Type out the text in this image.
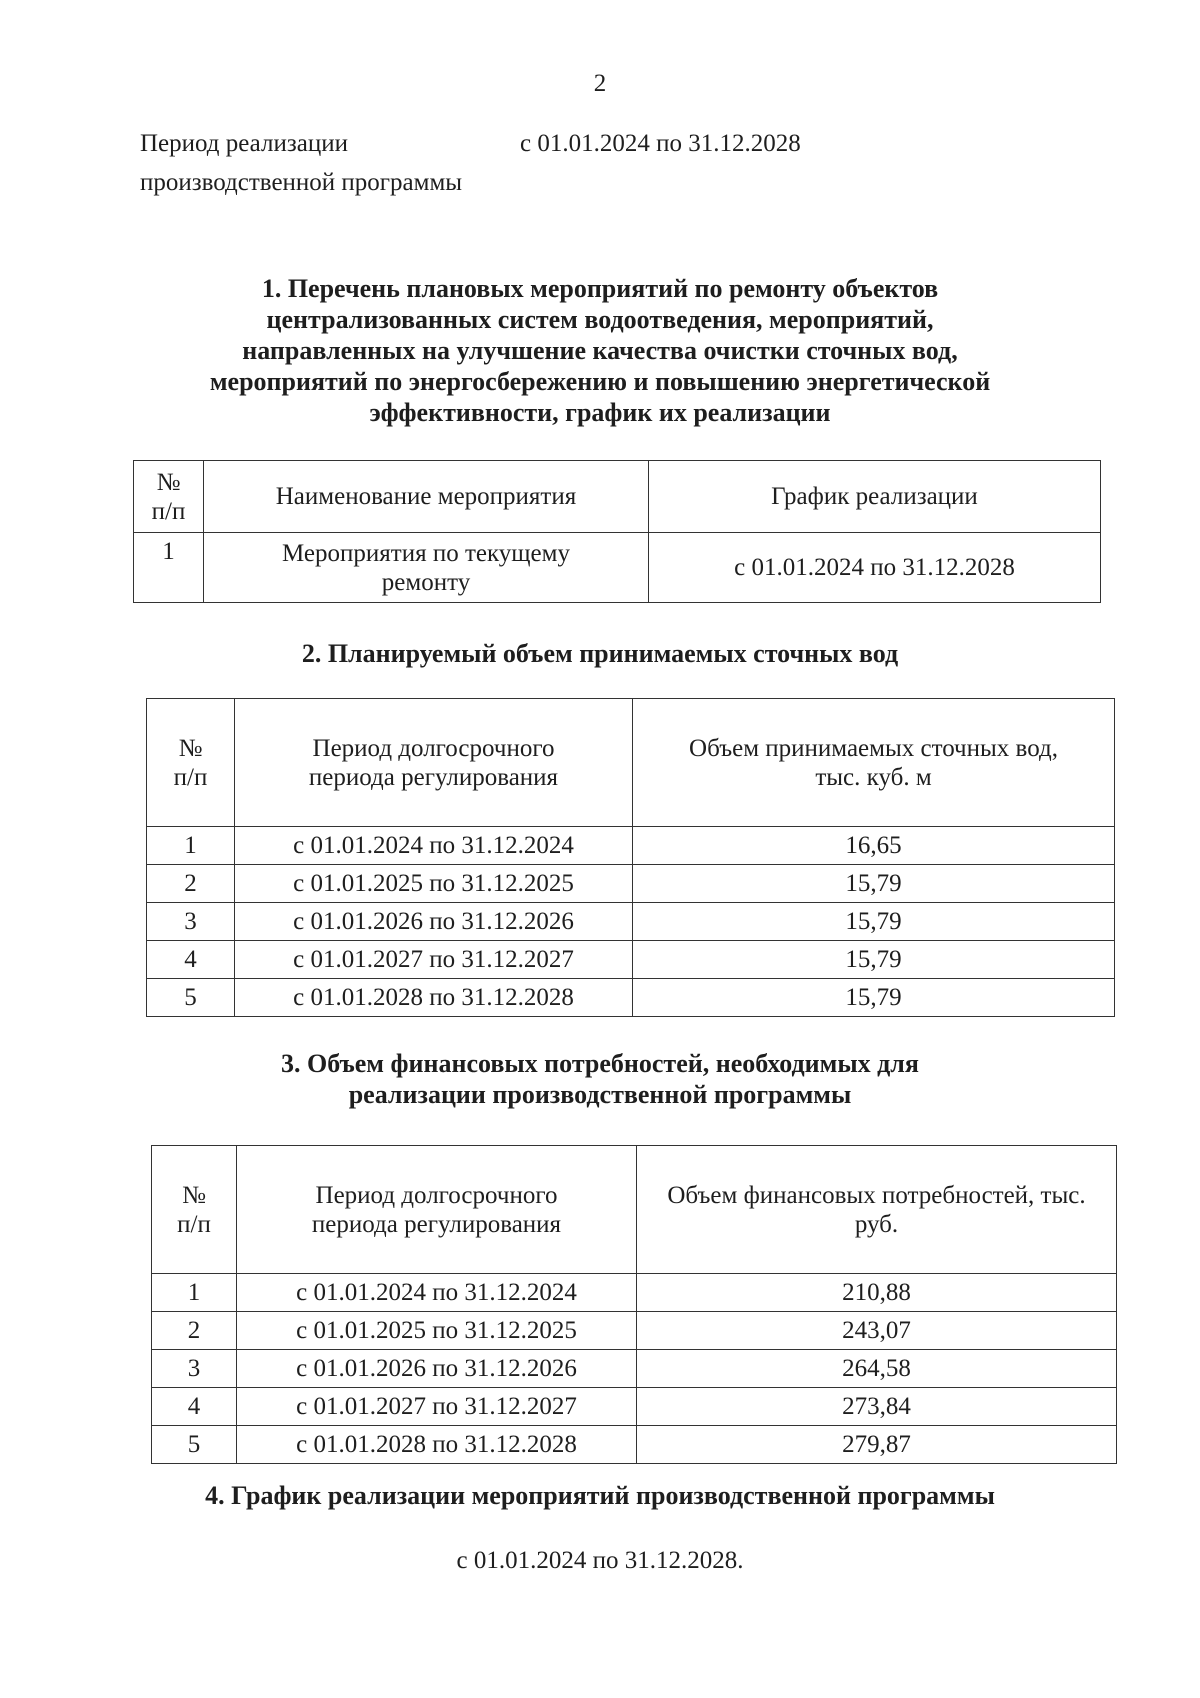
2
Период реализации производственной программы
с 01.01.2024 по 31.12.2028
1. Перечень плановых мероприятий по ремонту объектов централизованных систем водоотведения, мероприятий, направленных на улучшение качества очистки сточных вод, мероприятий по энергосбережению и повышению энергетической эффективности, график их реализации
№ п/п	Наименование мероприятия	График реализации
1	Мероприятия по текущему ремонту	с 01.01.2024 по 31.12.2028
2. Планируемый объем принимаемых сточных вод
№ п/п	Период долгосрочного периода регулирования	Объем принимаемых сточных вод, тыс. куб. м
1	с 01.01.2024 по 31.12.2024	16,65
2	с 01.01.2025 по 31.12.2025	15,79
3	с 01.01.2026 по 31.12.2026	15,79
4	с 01.01.2027 по 31.12.2027	15,79
5	с 01.01.2028 по 31.12.2028	15,79
3. Объем финансовых потребностей, необходимых для реализации производственной программы
№ п/п	Период долгосрочного периода регулирования	Объем финансовых потребностей, тыс. руб.
1	с 01.01.2024 по 31.12.2024	210,88
2	с 01.01.2025 по 31.12.2025	243,07
3	с 01.01.2026 по 31.12.2026	264,58
4	с 01.01.2027 по 31.12.2027	273,84
5	с 01.01.2028 по 31.12.2028	279,87
4. График реализации мероприятий производственной программы
с 01.01.2024 по 31.12.2028.
